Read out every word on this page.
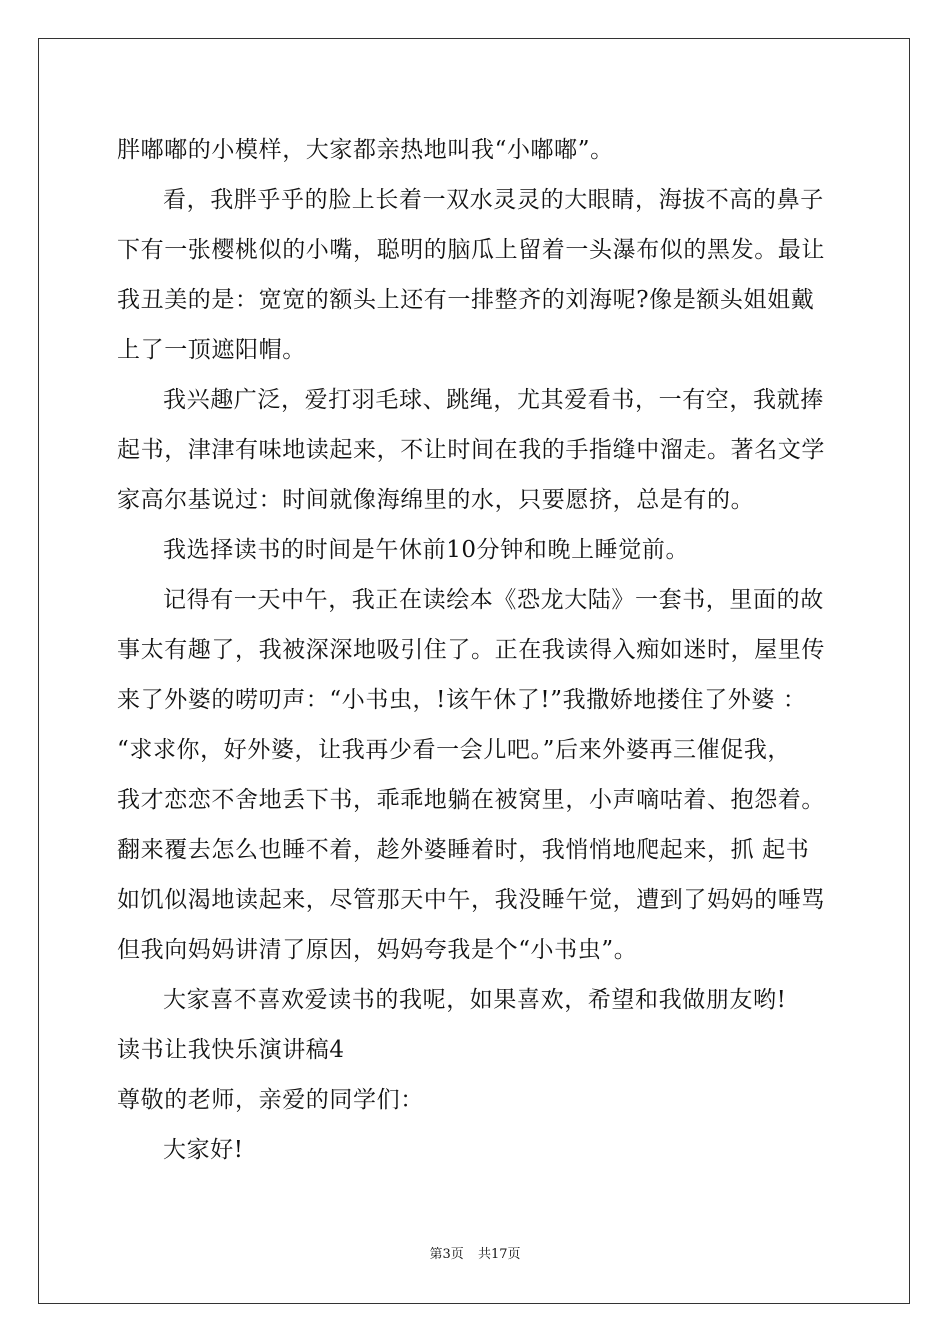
胖嘟嘟的小模样，大家都亲热地叫我“小嘟嘟”。
看，我胖乎乎的脸上长着一双水灵灵的大眼睛，海拔不高的鼻子
下有一张樱桃似的小嘴，聪明的脑瓜上留着一头瀑布似的黑发。最让
我丑美的是：宽宽的额头上还有一排整齐的刘海呢?像是额头姐姐戴
上了一顶遮阳帽。
我兴趣广泛，爱打羽毛球、跳绳，尤其爱看书，一有空，我就捧
起书，津津有味地读起来，不让时间在我的手指缝中溜走。著名文学
家高尔基说过：时间就像海绵里的水，只要愿挤，总是有的。
我选择读书的时间是午休前10分钟和晚上睡觉前。
记得有一天中午，我正在读绘本《恐龙大陆》一套书，里面的故
事太有趣了，我被深深地吸引住了。正在我读得入痴如迷时，屋里传
来了外婆的唠叨声：“小书虫，!该午休了!”我撒娇地搂住了外婆 ：
“求求你，好外婆，让我再少看一会儿吧。”后来外婆再三催促我，
我才恋恋不舍地丢下书，乖乖地躺在被窝里，小声嘀咕着、抱怨着。
翻来覆去怎么也睡不着，趁外婆睡着时，我悄悄地爬起来，抓 起书
如饥似渴地读起来，尽管那天中午，我没睡午觉，遭到了妈妈的唾骂
但我向妈妈讲清了原因，妈妈夸我是个“小书虫”。
大家喜不喜欢爱读书的我呢，如果喜欢，希望和我做朋友哟!
读书让我快乐演讲稿4
尊敬的老师，亲爱的同学们：
大家好!
第3页 共17页
